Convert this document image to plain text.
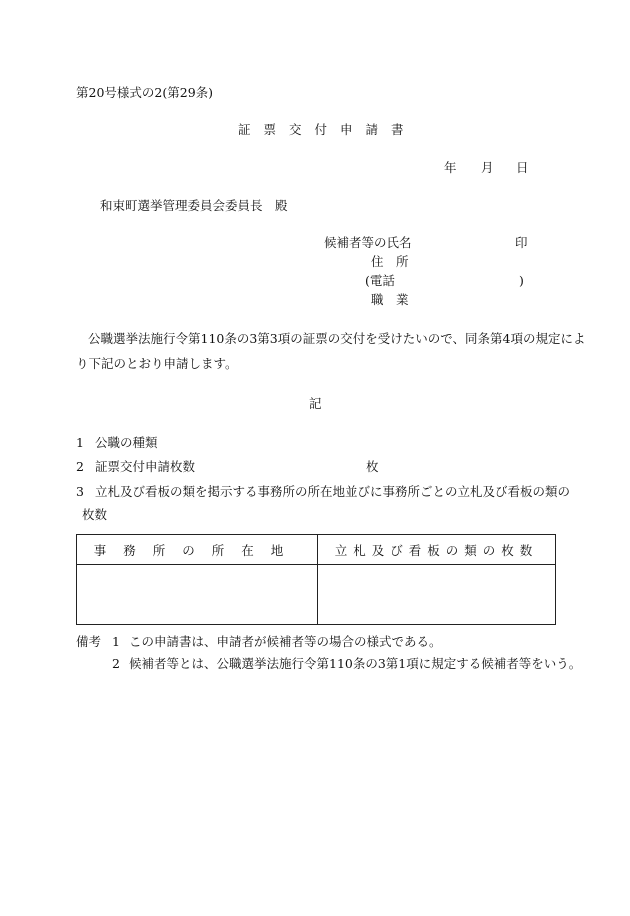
第20号様式の2(第29条)
証票交付申請書
年 月 日
和束町選挙管理委員会委員長　殿
候補者等の氏名	印
住　所
(電話	)
職　業
公職選挙法施行令第110条の3第3項の証票の交付を受けたいので、同条第4項の規定によ
り下記のとおり申請します。
記
1 公職の種類
2 証票交付申請枚数	枚
3 立札及び看板の類を掲示する事務所の所在地並びに事務所ごとの立札及び看板の類の
枚数
事務所の所在地	立札及び看板の類の枚数

備考 1 この申請書は、申請者が候補者等の場合の様式である。
2 候補者等とは、公職選挙法施行令第110条の3第1項に規定する候補者等をいう。
